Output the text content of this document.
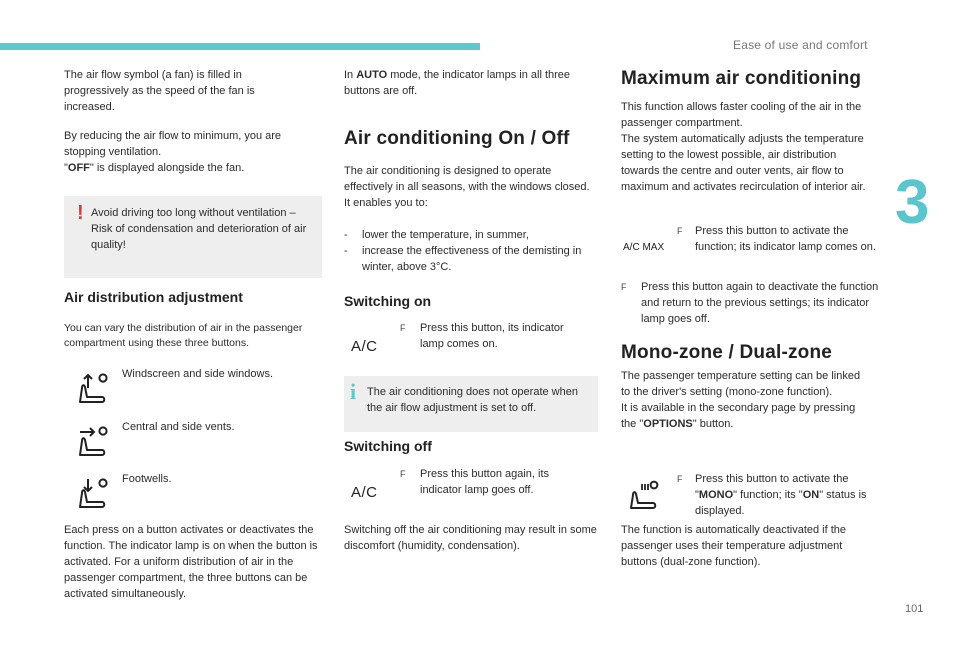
Ease of use and comfort
3
101

The air flow symbol (a fan) is filled in progressively as the speed of the fan is increased.

By reducing the air flow to minimum, you are stopping ventilation.
"OFF" is displayed alongside the fan.

! Avoid driving too long without ventilation – Risk of condensation and deterioration of air quality!

Air distribution adjustment

You can vary the distribution of air in the passenger compartment using these three buttons.

Windscreen and side windows.

Central and side vents.

Footwells.

Each press on a button activates or deactivates the function. The indicator lamp is on when the button is activated. For a uniform distribution of air in the passenger compartment, the three buttons can be activated simultaneously.

In AUTO mode, the indicator lamps in all three buttons are off.

Air conditioning On / Off

The air conditioning is designed to operate effectively in all seasons, with the windows closed.
It enables you to:

-	lower the temperature, in summer,
-	increase the effectiveness of the demisting in winter, above 3°C.
Switching on
A/C

F	Press this button, its indicator lamp comes on.

i The air conditioning does not operate when the air flow adjustment is set to off.

Switching off
A/C

F	Press this button again, its indicator lamp goes off.

Switching off the air conditioning may result in some discomfort (humidity, condensation).

Maximum air conditioning

This function allows faster cooling of the air in the passenger compartment.
The system automatically adjusts the temperature setting to the lowest possible, air distribution towards the centre and outer vents, air flow to maximum and activates recirculation of interior air.

A/C MAX

F	Press this button to activate the function; its indicator lamp comes on.

F	Press this button again to deactivate the function and return to the previous settings; its indicator lamp goes off.

Mono-zone / Dual-zone

The passenger temperature setting can be linked to the driver's setting (mono-zone function).
It is available in the secondary page by pressing the "OPTIONS" button.

F	Press this button to activate the "MONO" function; its "ON" status is displayed.

The function is automatically deactivated if the passenger uses their temperature adjustment buttons (dual-zone function).
